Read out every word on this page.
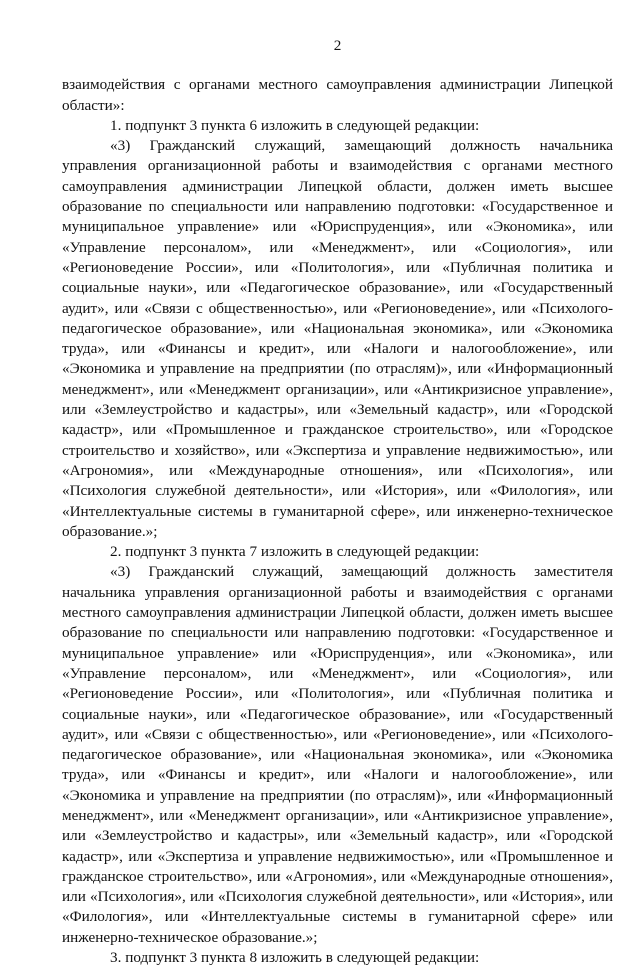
2

взаимодействия с органами местного самоуправления администрации Липецкой области»:

1. подпункт 3 пункта 6 изложить в следующей редакции:

«3) Гражданский служащий, замещающий должность начальника управления организационной работы и взаимодействия с органами местного самоуправления администрации Липецкой области, должен иметь высшее образование по специальности или направлению подготовки: «Государственное и муниципальное управление» или «Юриспруденция», или «Экономика», или «Управление персоналом», или «Менеджмент», или «Социология», или «Регионоведение России», или «Политология», или «Публичная политика и социальные науки», или «Педагогическое образование», или «Государственный аудит», или «Связи с общественностью», или «Регионоведение», или «Психолого-педагогическое образование», или «Национальная экономика», или «Экономика труда», или «Финансы и кредит», или «Налоги и налогообложение», или «Экономика и управление на предприятии (по отраслям)», или «Информационный менеджмент», или «Менеджмент организации», или «Антикризисное управление», или «Землеустройство и кадастры», или «Земельный кадастр», или «Городской кадастр», или «Промышленное и гражданское строительство», или «Городское строительство и хозяйство», или «Экспертиза и управление недвижимостью», или «Агрономия», или «Международные отношения», или «Психология», или «Психология служебной деятельности», или «История», или «Филология», или «Интеллектуальные системы в гуманитарной сфере», или инженерно-техническое образование.»;

2. подпункт 3 пункта 7 изложить в следующей редакции:

«3) Гражданский служащий, замещающий должность заместителя начальника управления организационной работы и взаимодействия с органами местного самоуправления администрации Липецкой области, должен иметь высшее образование по специальности или направлению подготовки: «Государственное и муниципальное управление» или «Юриспруденция», или «Экономика», или «Управление персоналом», или «Менеджмент», или «Социология», или «Регионоведение России», или «Политология», или «Публичная политика и социальные науки», или «Педагогическое образование», или «Государственный аудит», или «Связи с общественностью», или «Регионоведение», или «Психолого-педагогическое образование», или «Национальная экономика», или «Экономика труда», или «Финансы и кредит», или «Налоги и налогообложение», или «Экономика и управление на предприятии (по отраслям)», или «Информационный менеджмент», или «Менеджмент организации», или «Антикризисное управление», или «Землеустройство и кадастры», или «Земельный кадастр», или «Городской кадастр», или «Экспертиза и управление недвижимостью», или «Промышленное и гражданское строительство», или «Агрономия», или «Международные отношения», или «Психология», или «Психология служебной деятельности», или «История», или «Филология», или «Интеллектуальные системы в гуманитарной сфере» или инженерно-техническое образование.»;

3. подпункт 3 пункта 8 изложить в следующей редакции:
